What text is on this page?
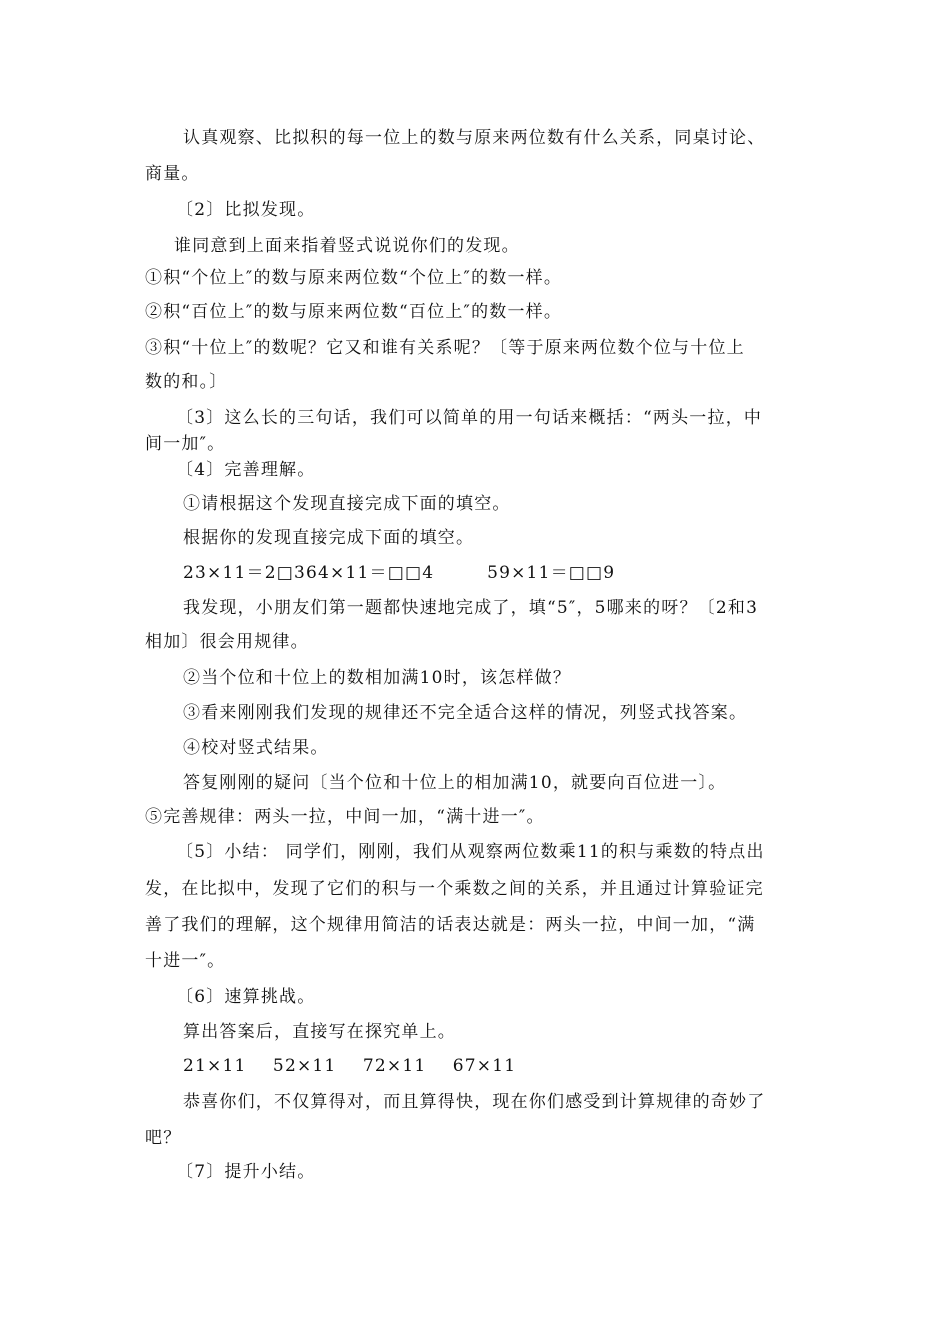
认真观察、比拟积的每一位上的数与原来两位数有什么关系，同桌讨论、
商量。
〔2〕比拟发现。
谁同意到上面来指着竖式说说你们的发现。
①积“个位上″的数与原来两位数“个位上″的数一样。
②积“百位上″的数与原来两位数“百位上″的数一样。
③积“十位上″的数呢？它又和谁有关系呢？〔等于原来两位数个位与十位上
数的和。〕
〔3〕这么长的三句话，我们可以简单的用一句话来概括：“两头一拉，中
间一加″。
〔4〕完善理解。
①请根据这个发现直接完成下面的填空。
根据你的发现直接完成下面的填空。
23×11＝2□364×11＝□□4        59×11＝□□9
我发现，小朋友们第一题都快速地完成了，填“5″，5哪来的呀？〔2和3
相加〕很会用规律。
②当个位和十位上的数相加满10时，该怎样做？
③看来刚刚我们发现的规律还不完全适合这样的情况，列竖式找答案。
④校对竖式结果。
答复刚刚的疑问〔当个位和十位上的相加满10，就要向百位进一〕。
⑤完善规律：两头一拉，中间一加，“满十进一″。
〔5〕小结： 同学们，刚刚，我们从观察两位数乘11的积与乘数的特点出
发，在比拟中，发现了它们的积与一个乘数之间的关系，并且通过计算验证完
善了我们的理解，这个规律用简洁的话表达就是：两头一拉，中间一加，“满
十进一″。
〔6〕速算挑战。
算出答案后，直接写在探究单上。
21×11    52×11    72×11    67×11
恭喜你们，不仅算得对，而且算得快，现在你们感受到计算规律的奇妙了
吧？
〔7〕提升小结。
